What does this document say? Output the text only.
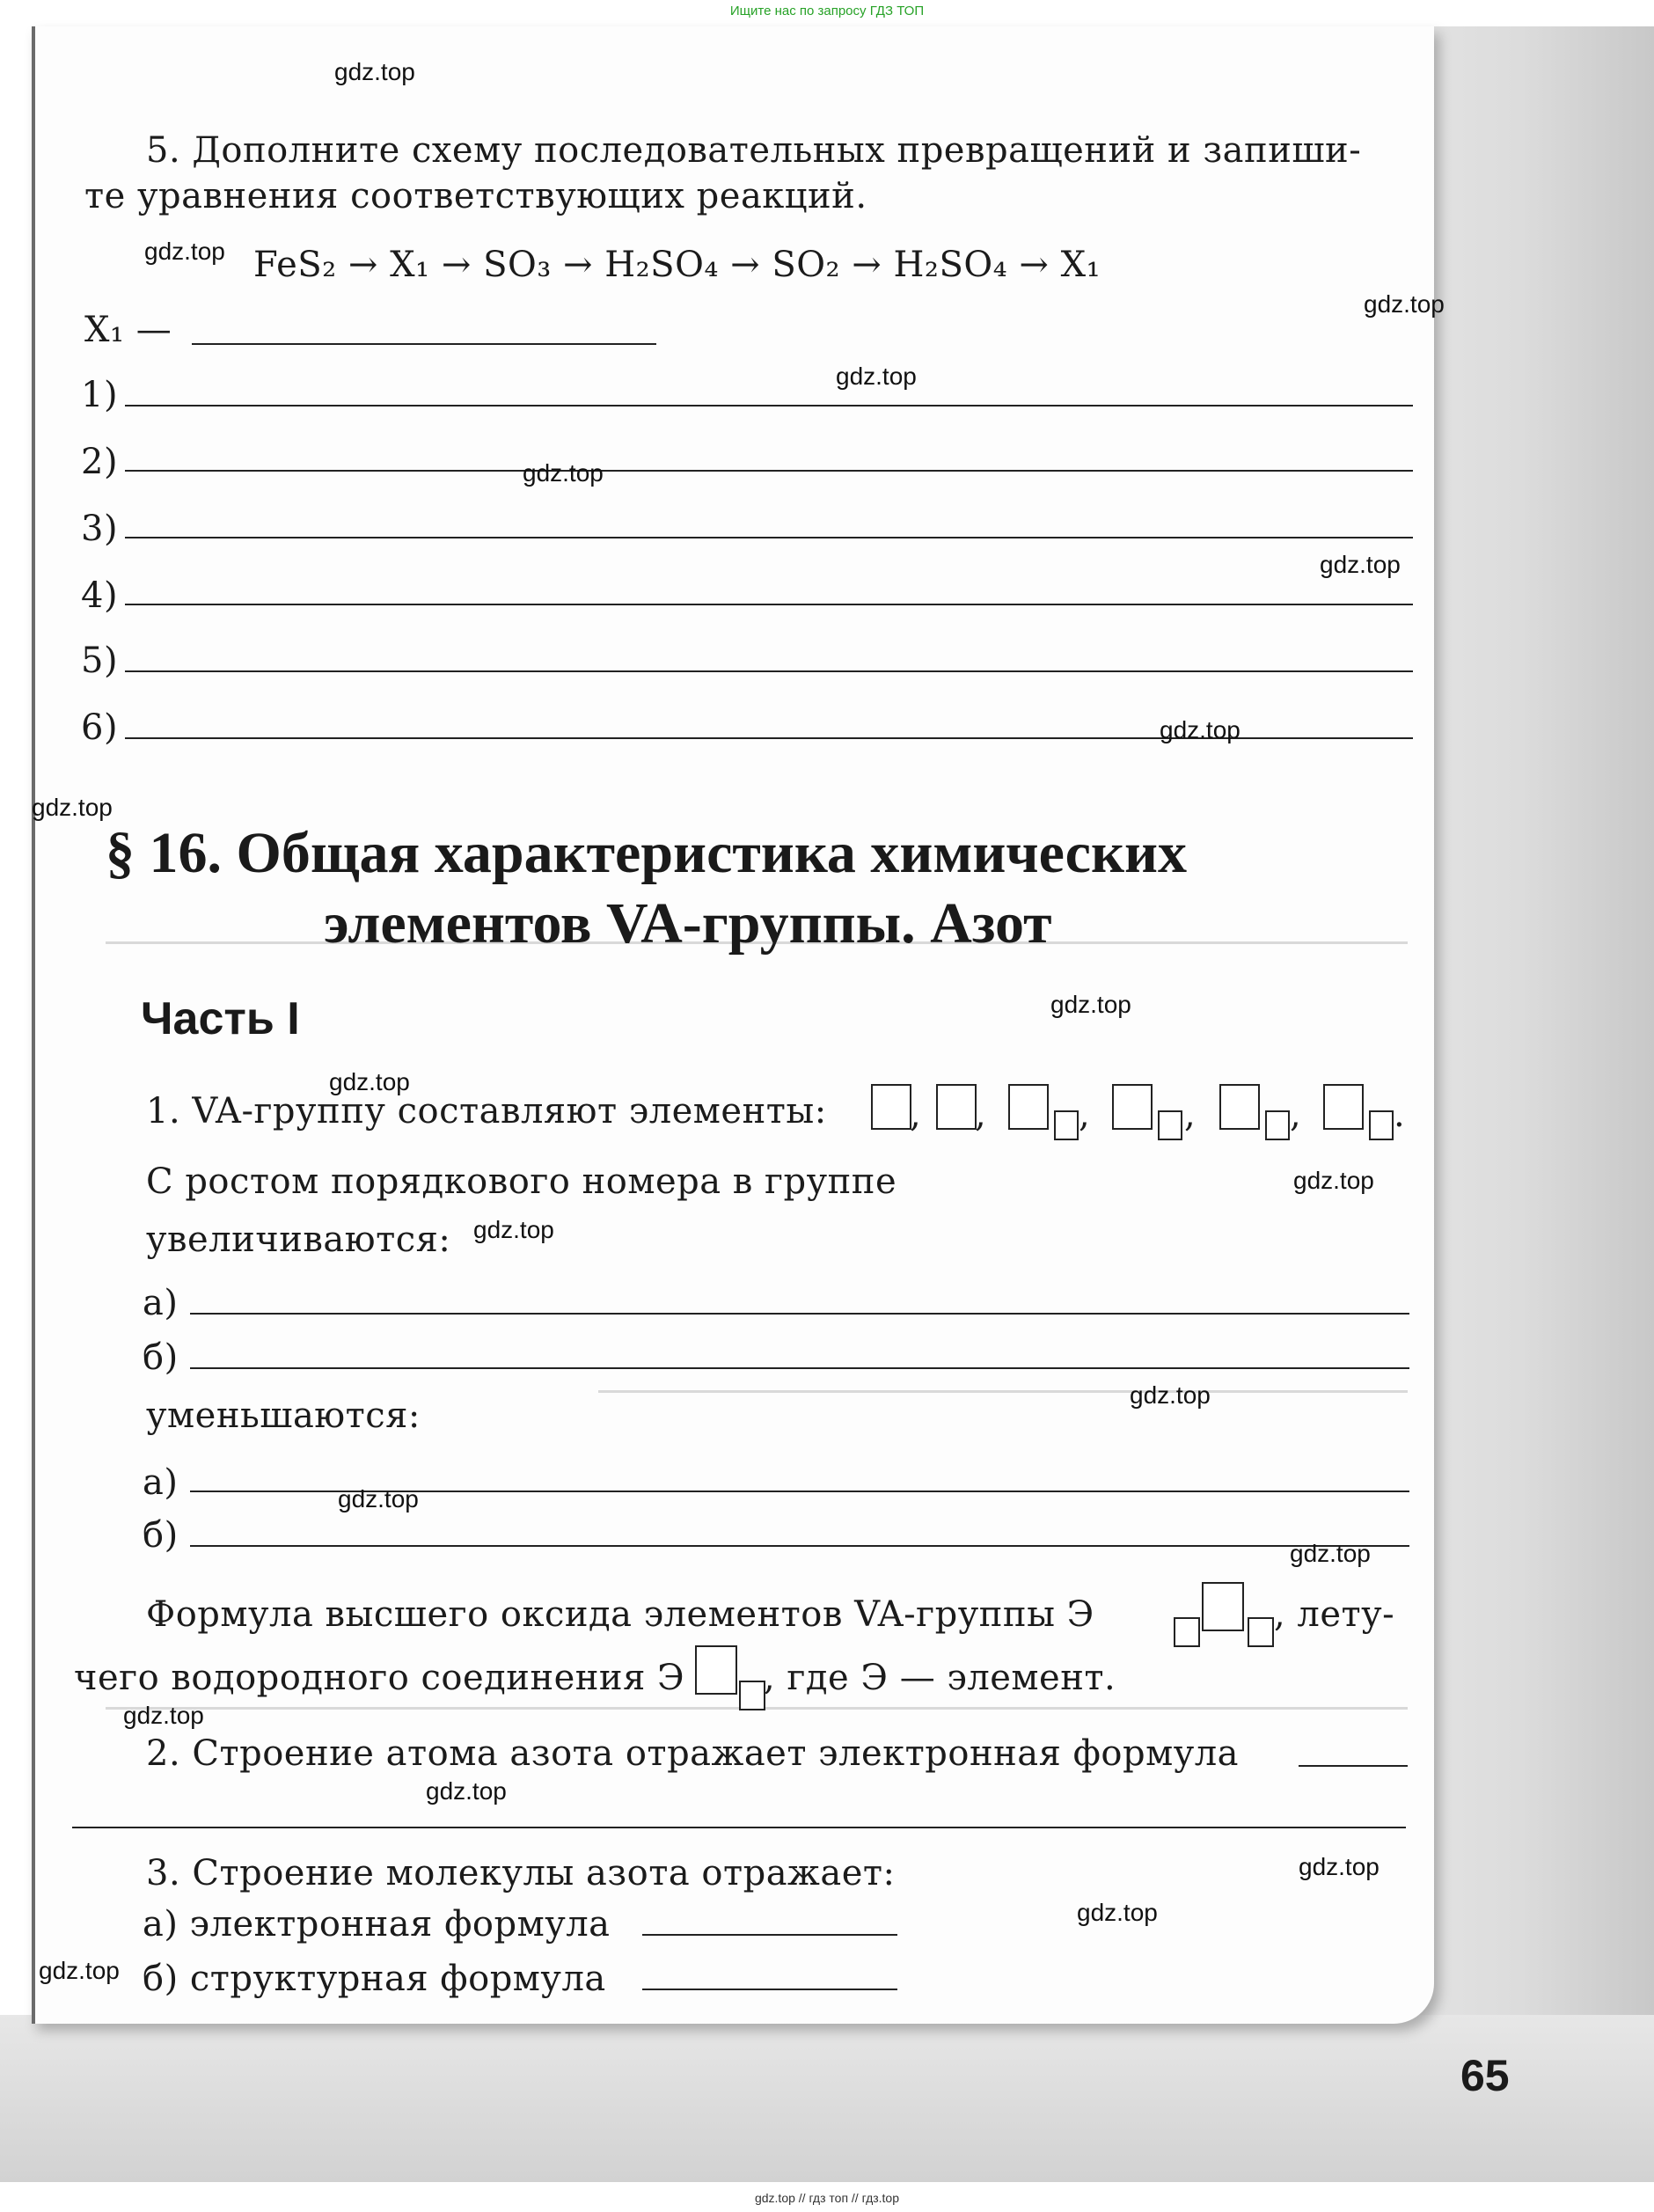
Ищите нас по запросу ГДЗ ТОП
5. Дополните схему последовательных превращений и запиши-
те уравнения соответствующих реакций.
FeS₂ → X₁ → SO₃ → H₂SO₄ → SO₂ → H₂SO₄ → X₁
X₁ —
1)
2)
3)
4)
5)
6)
§ 16. Общая характеристика химических
элементов VA-группы. Азот
Часть I
1. VA-группу составляют элементы: , ,	,	,	,	.
С ростом порядкового номера в группе
увеличиваются:
а)
б)
уменьшаются:
а)
б)
Формула высшего оксида элементов VA-группы Э	, лету-
чего водородного соединения Э , где Э — элемент.
2. Строение атома азота отражает электронная формула
3. Строение молекулы азота отражает:
а) электронная формула
б) структурная формула
65
gdz.top
gdz.top
gdz.top
gdz.top
gdz.top
gdz.top
gdz.top
gdz.top
gdz.top
gdz.top
gdz.top
gdz.top
gdz.top
gdz.top
gdz.top
gdz.top
gdz.top
gdz.top
gdz.top
gdz.top
gdz.top // гдз топ // гдз.top
